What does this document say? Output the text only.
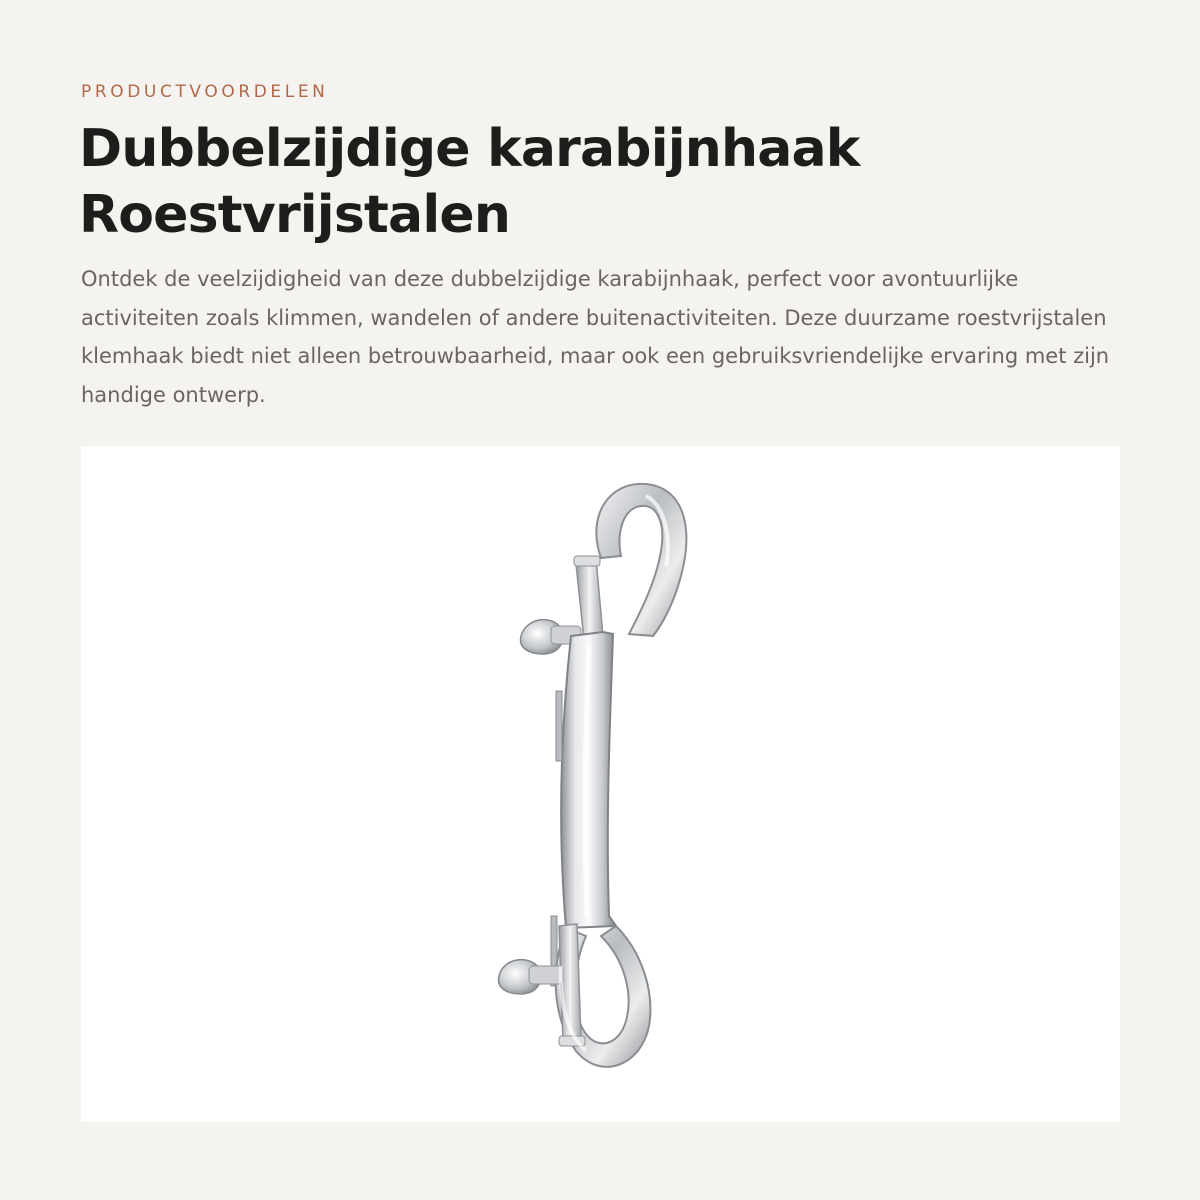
PRODUCTVOORDELEN

Dubbelzijdige karabijnhaak
Roestvrijstalen

Ontdek de veelzijdigheid van deze dubbelzijdige karabijnhaak, perfect voor avontuurlijke activiteiten zoals klimmen, wandelen of andere buitenactiviteiten. Deze duurzame roestvrijstalen klemhaak biedt niet alleen betrouwbaarheid, maar ook een gebruiksvriendelijke ervaring met zijn handige ontwerp.
